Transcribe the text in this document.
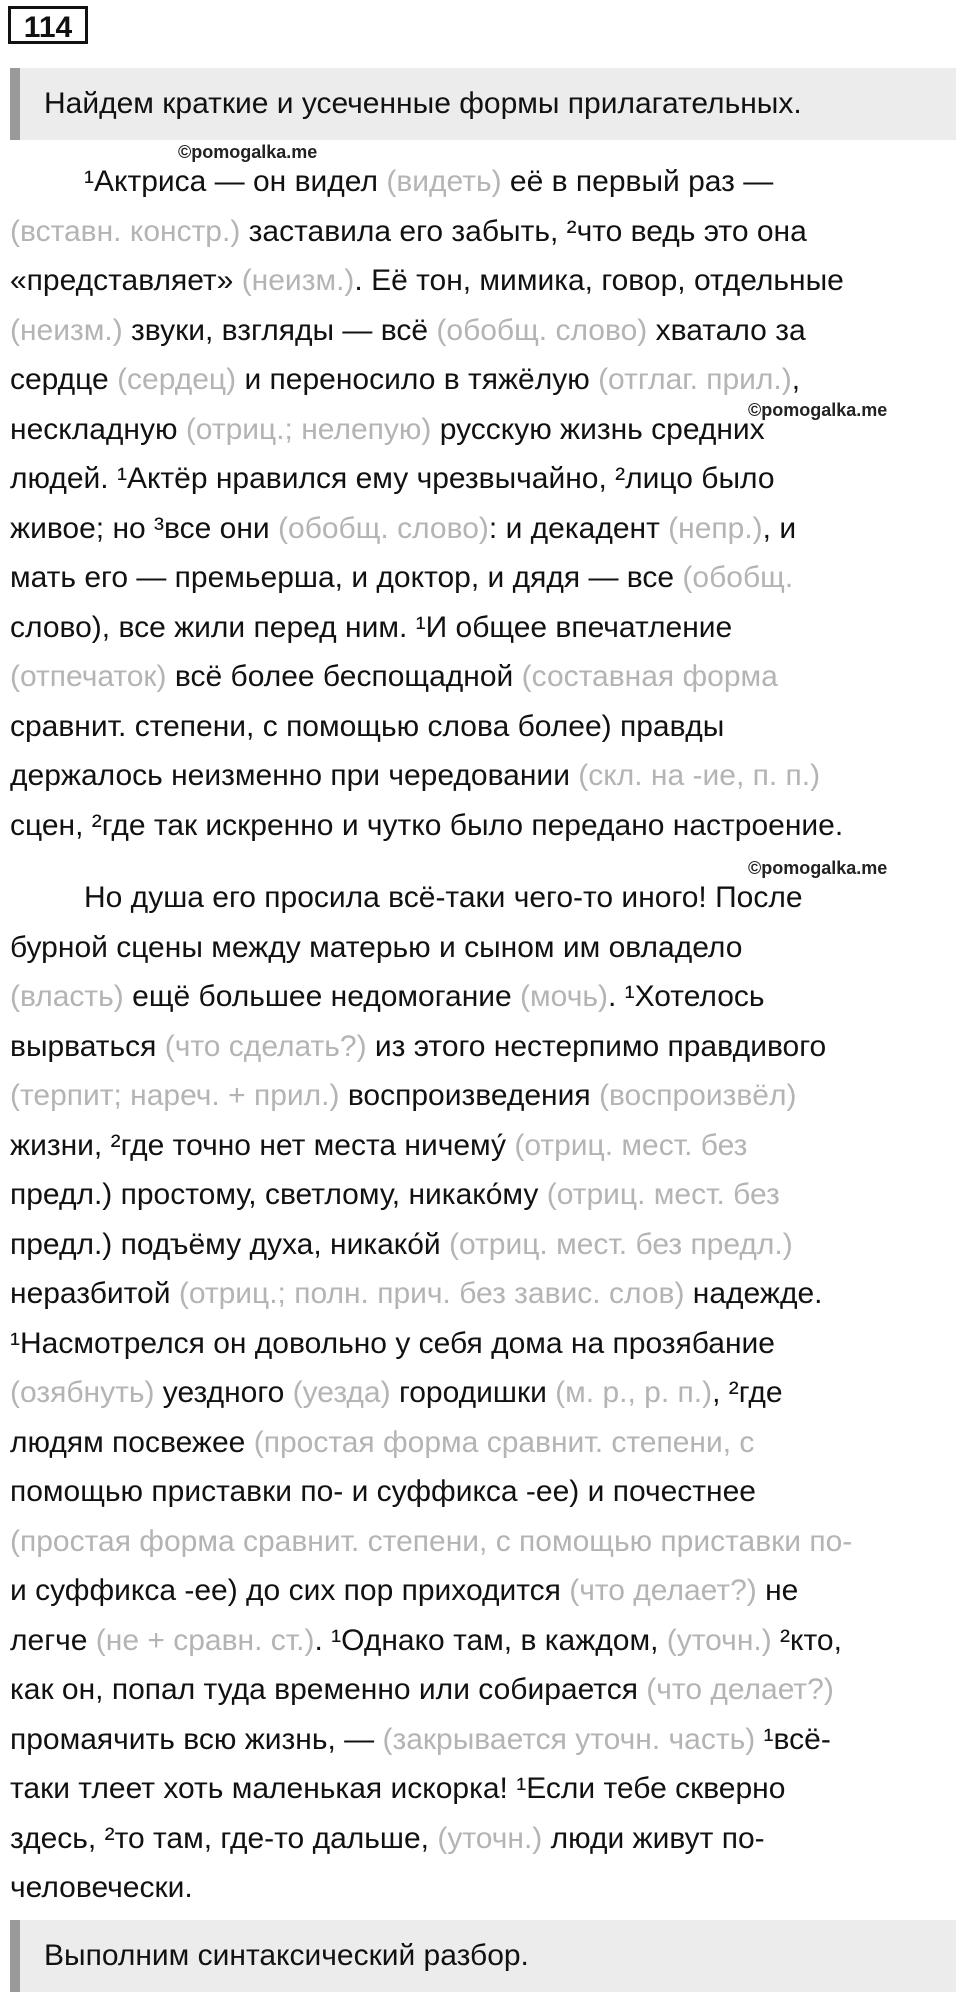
114
Найдем краткие и усеченные формы прилагательных.
©pomogalka.me
©pomogalka.me
©pomogalka.me
¹Актриса — он видел (видеть) её в первый раз —
(вставн. констр.) заставила его забыть, ²что ведь это она
«представляет» (неизм.). Её тон, мимика, говор, отдельные
(неизм.) звуки, взгляды — всё (обобщ. слово) хватало за
сердце (сердец) и переносило в тяжёлую (отглаг. прил.),
нескладную (отриц.; нелепую) русскую жизнь средних
людей. ¹Актёр нравился ему чрезвычайно, ²лицо было
живое; но ³все они (обобщ. слово): и декадент (непр.), и
мать его — премьерша, и доктор, и дядя — все (обобщ.
слово), все жили перед ним. ¹И общее впечатление
(отпечаток) всё более беспощадной (составная форма
сравнит. степени, с помощью слова более) правды
держалось неизменно при чередовании (скл. на -ие, п. п.)
сцен, ²где так искренно и чутко было передано настроение.
Но душа его просила всё-таки чего-то иного! После
бурной сцены между матерью и сыном им овладело
(власть) ещё большее недомогание (мочь). ¹Хотелось
вырваться (что сделать?) из этого нестерпимо правдивого
(терпит; нареч. + прил.) воспроизведения (воспроизвёл)
жизни, ²где точно нет места ничему́ (отриц. мест. без
предл.) простому, светлому, никако́му (отриц. мест. без
предл.) подъёму духа, никако́й (отриц. мест. без предл.)
неразбитой (отриц.; полн. прич. без завис. слов) надежде.
¹Насмотрелся он довольно у себя дома на прозябание
(озябнуть) уездного (уезда) городишки (м. р., р. п.), ²где
людям посвежее (простая форма сравнит. степени, с
помощью приставки по- и суффикса -ее) и почестнее
(простая форма сравнит. степени, с помощью приставки по-
и суффикса -ее) до сих пор приходится (что делает?) не
легче (не + сравн. ст.). ¹Однако там, в каждом, (уточн.) ²кто,
как он, попал туда временно или собирается (что делает?)
промаячить всю жизнь, — (закрывается уточн. часть) ¹всё-
таки тлеет хоть маленькая искорка! ¹Если тебе скверно
здесь, ²то там, где-то дальше, (уточн.) люди живут по-
человечески.
Выполним синтаксический разбор.
